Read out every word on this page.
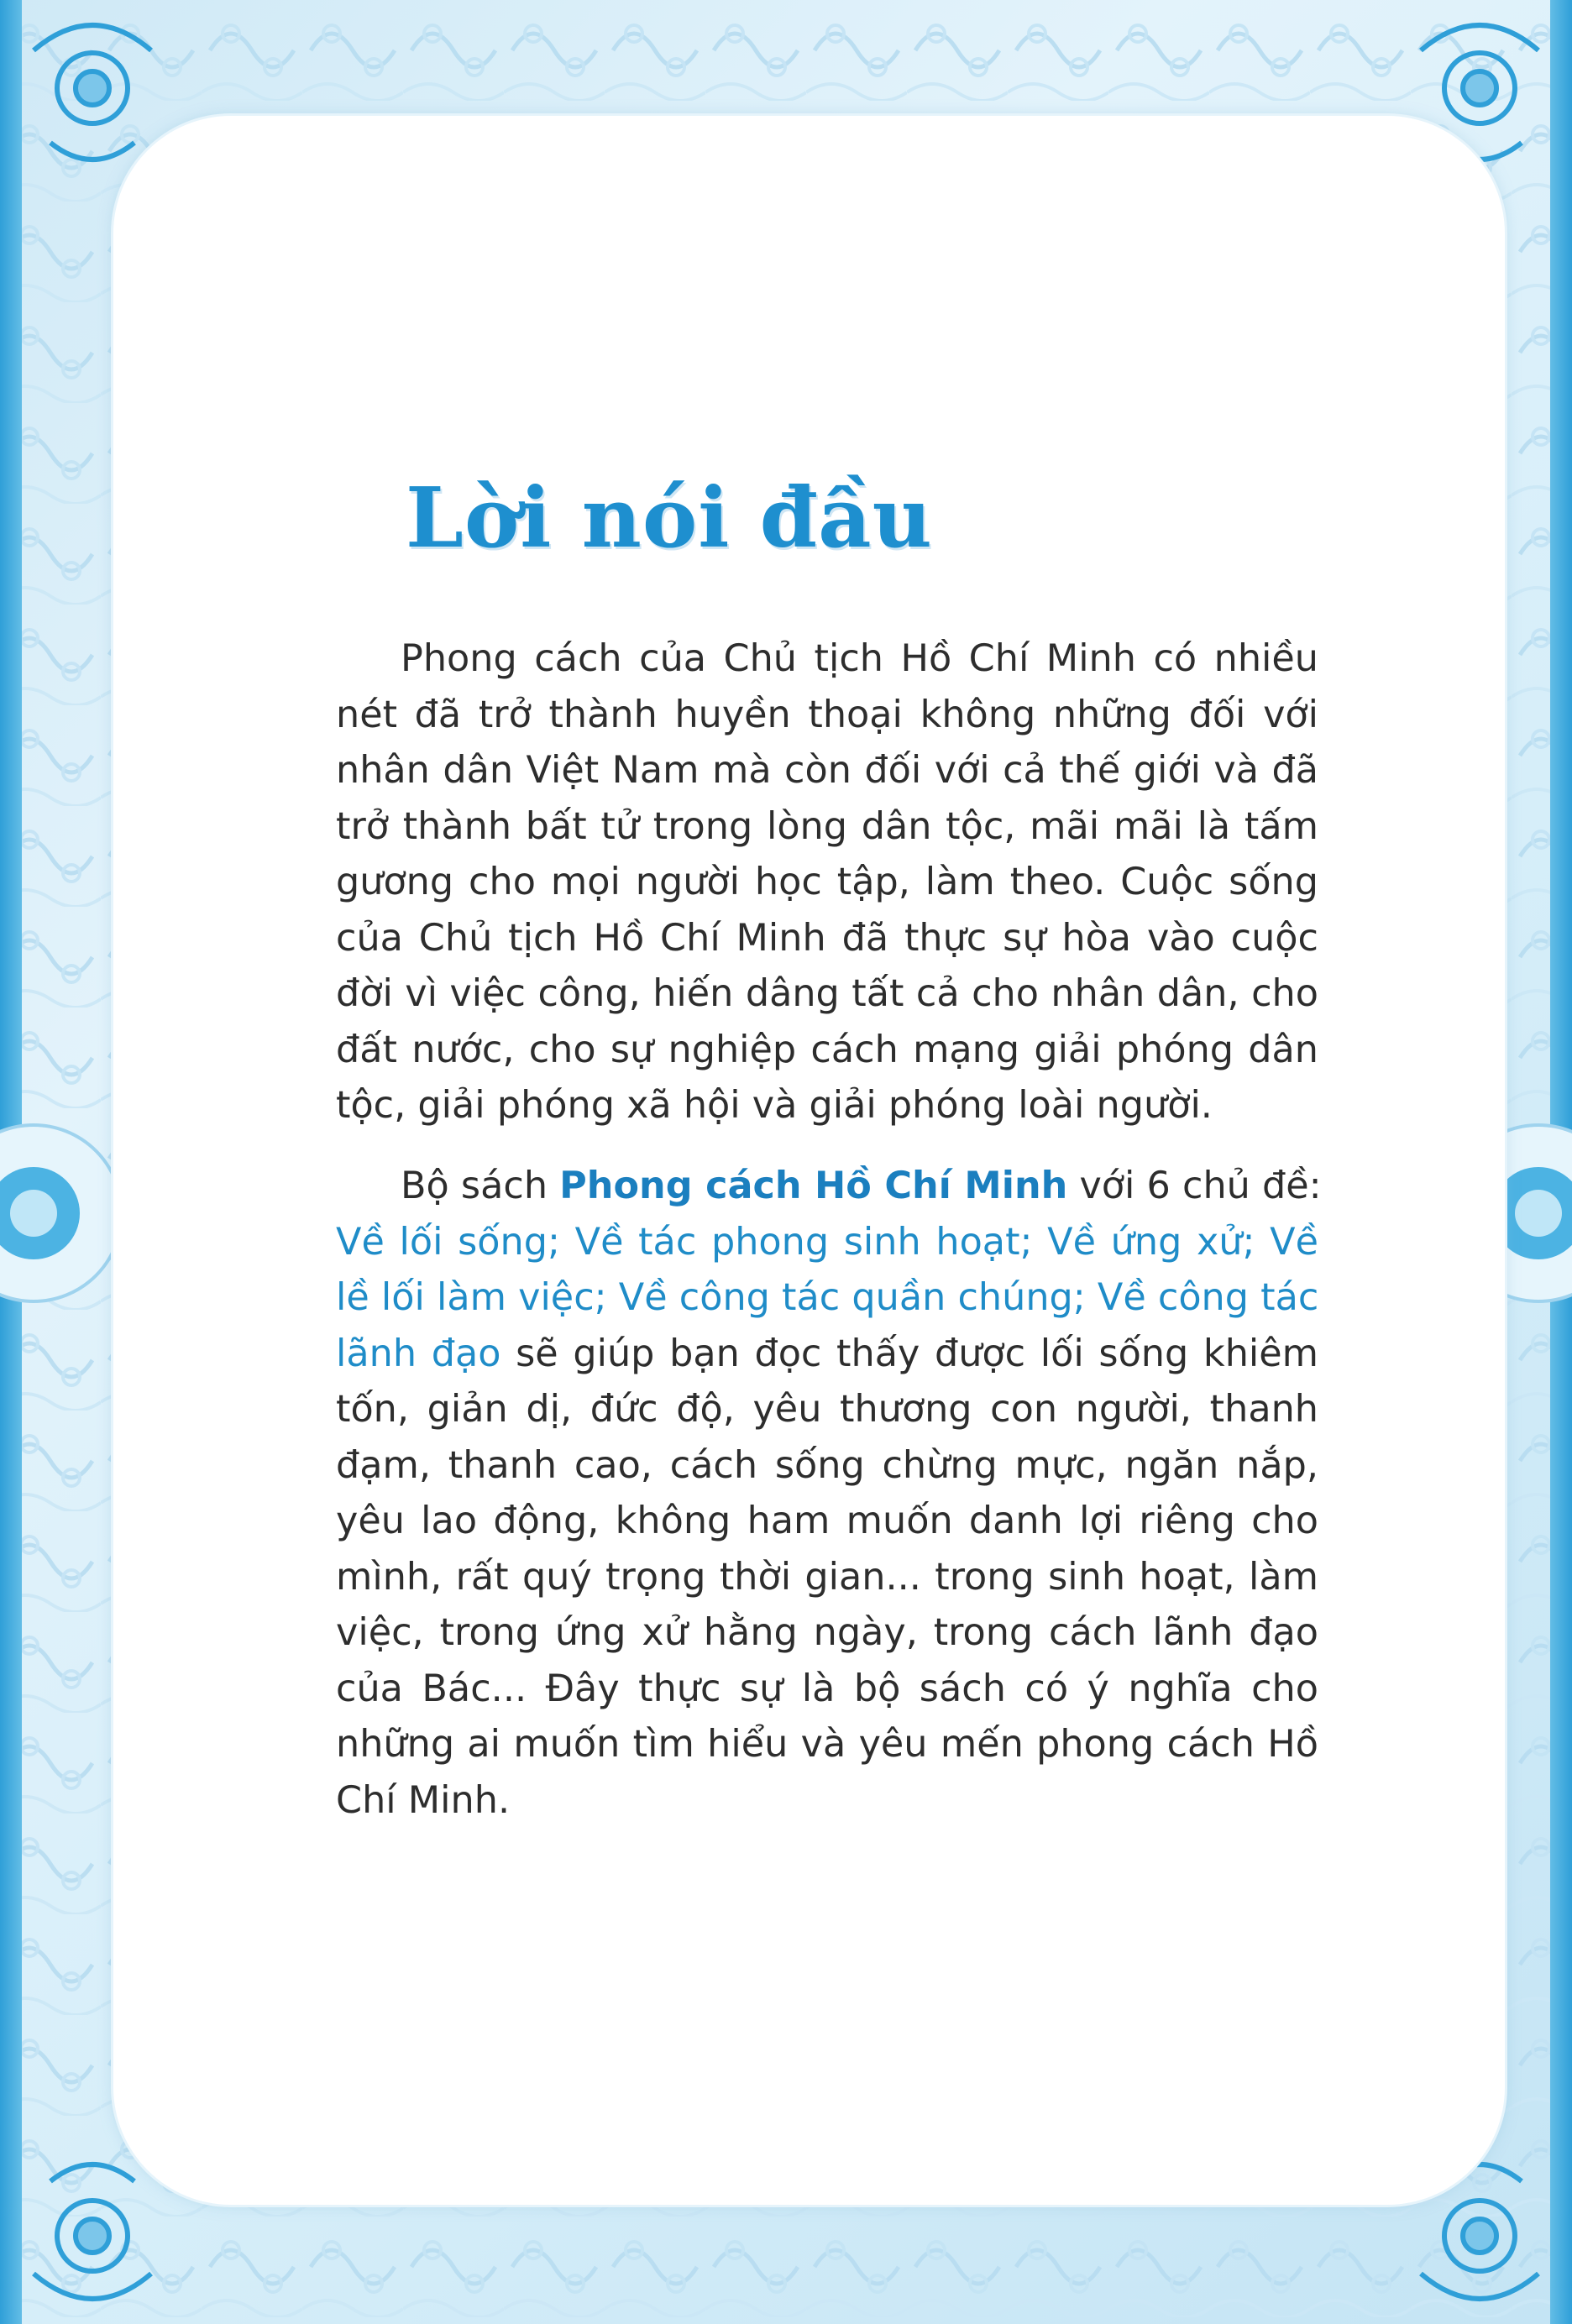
Lời nói đầu

Phong cách của Chủ tịch Hồ Chí Minh có nhiều
nét đã trở thành huyền thoại không những đối với
nhân dân Việt Nam mà còn đối với cả thế giới và đã
trở thành bất tử trong lòng dân tộc, mãi mãi là tấm
gương cho mọi người học tập, làm theo. Cuộc sống
của Chủ tịch Hồ Chí Minh đã thực sự hòa vào cuộc
đời vì việc công, hiến dâng tất cả cho nhân dân, cho
đất nước, cho sự nghiệp cách mạng giải phóng dân
tộc, giải phóng xã hội và giải phóng loài người.

Bộ sách Phong cách Hồ Chí Minh với 6 chủ đề:
Về lối sống; Về tác phong sinh hoạt; Về ứng xử; Về
lề lối làm việc; Về công tác quần chúng; Về công tác
lãnh đạo sẽ giúp bạn đọc thấy được lối sống khiêm
tốn, giản dị, đức độ, yêu thương con người, thanh
đạm, thanh cao, cách sống chừng mực, ngăn nắp,
yêu lao động, không ham muốn danh lợi riêng cho
mình, rất quý trọng thời gian... trong sinh hoạt, làm
việc, trong ứng xử hằng ngày, trong cách lãnh đạo
của Bác... Đây thực sự là bộ sách có ý nghĩa cho
những ai muốn tìm hiểu và yêu mến phong cách Hồ
Chí Minh.
